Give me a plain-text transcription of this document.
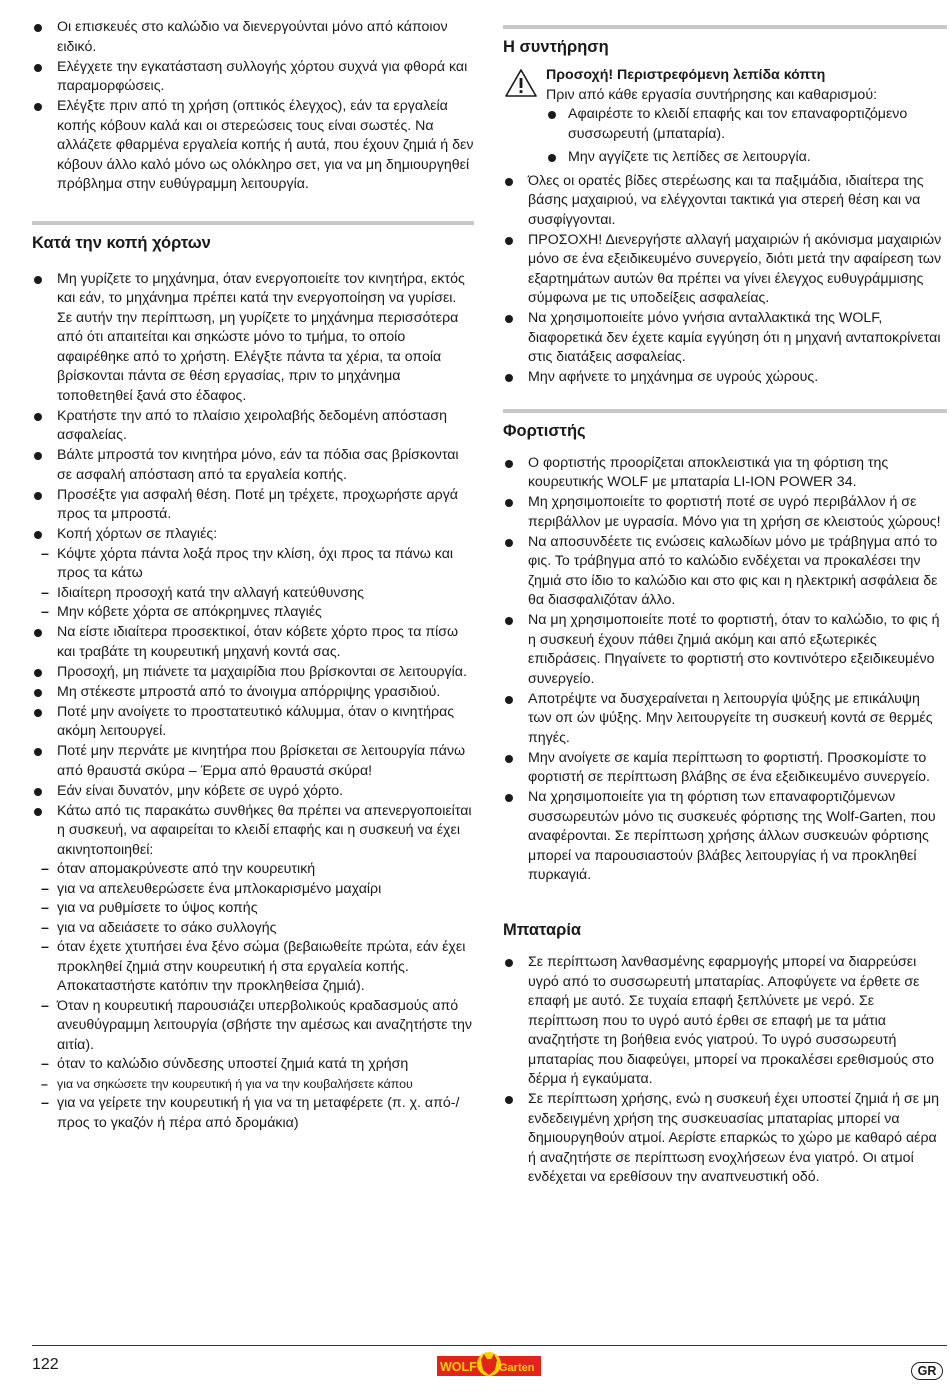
Οι επισκευές στο καλώδιο να διενεργούνται μόνο από κάποιον ειδικό.
Ελέγχετε την εγκατάσταση συλλογής χόρτου συχνά για φθορά και παραμορφώσεις.
Ελέγξτε πριν από τη χρήση (οπτικός έλεγχος), εάν τα εργαλεία κοπής κόβουν καλά και οι στερεώσεις τους είναι σωστές. Να αλλάζετε φθαρμένα εργαλεία κοπής ή αυτά, που έχουν ζημιά ή δεν κόβουν άλλο καλό μόνο ως ολόκληρο σετ, για να μη δημιουργηθεί πρόβλημα στην ευθύγραμμη λειτουργία.
Κατά την κοπή χόρτων
Μη γυρίζετε το μηχάνημα, όταν ενεργοποιείτε τον κινητήρα, εκτός και εάν, το μηχάνημα πρέπει κατά την ενεργοποίηση να γυρίσει. Σε αυτήν την περίπτωση, μη γυρίζετε το μηχάνημα περισσότερα από ότι απαιτείται και σηκώστε μόνο το τμήμα, το οποίο αφαιρέθηκε από το χρήστη. Ελέγξτε πάντα τα χέρια, τα οποία βρίσκονται πάντα σε θέση εργασίας, πριν το μηχάνημα τοποθετηθεί ξανά στο έδαφος.
Κρατήστε την από το πλαίσιο χειρολαβής δεδομένη απόσταση ασφαλείας.
Βάλτε μπροστά τον κινητήρα μόνο, εάν τα πόδια σας βρίσκονται σε ασφαλή απόσταση από τα εργαλεία κοπής.
Προσέξτε για ασφαλή θέση. Ποτέ μη τρέχετε, προχωρήστε αργά προς τα μπροστά.
Κοπή χόρτων σε πλαγιές:
– Κόψτε χόρτα πάντα λοξά προς την κλίση, όχι προς τα πάνω και προς τα κάτω
– Ιδιαίτερη προσοχή κατά την αλλαγή κατεύθυνσης
– Μην κόβετε χόρτα σε απόκρημνες πλαγιές
Να είστε ιδιαίτερα προσεκτικοί, όταν κόβετε χόρτο προς τα πίσω και τραβάτε τη κουρευτική μηχανή κοντά σας.
Προσοχή, μη πιάνετε τα μαχαιρίδια που βρίσκονται σε λειτουργία.
Μη στέκεστε μπροστά από το άνοιγμα απόρριψης γρασιδιού.
Ποτέ μην ανοίγετε το προστατευτικό κάλυμμα, όταν ο κινητήρας ακόμη λειτουργεί.
Ποτέ μην περνάτε με κινητήρα που βρίσκεται σε λειτουργία πάνω από θραυστά σκύρα – Έρμα από θραυστά σκύρα!
Εάν είναι δυνατόν, μην κόβετε σε υγρό χόρτο.
Κάτω από τις παρακάτω συνθήκες θα πρέπει να απενεργοποιείται η συσκευή, να αφαιρείται το κλειδί επαφής και η συσκευή να έχει ακινητοποιηθεί:
– όταν απομακρύνεστε από την κουρευτική
– για να απελευθερώσετε ένα μπλοκαρισμένο μαχαίρι
– για να ρυθμίσετε το ύψος κοπής
– για να αδειάσετε το σάκο συλλογής
– όταν έχετε χτυπήσει ένα ξένο σώμα (βεβαιωθείτε πρώτα, εάν έχει προκληθεί ζημιά στην κουρευτική ή στα εργαλεία κοπής. Αποκαταστήστε κατόπιν την προκληθείσα ζημιά).
– Όταν η κουρευτική παρουσιάζει υπερβολικούς κραδασμούς από ανευθύγραμμη λειτουργία (σβήστε την αμέσως και αναζητήστε την αιτία).
– όταν το καλώδιο σύνδεσης υποστεί ζημιά κατά τη χρήση
– για να σηκώσετε την κουρευτική ή για να την κουβαλήσετε κάπου
– για να γείρετε την κουρευτική ή για να τη μεταφέρετε (π. χ. από-/ προς το γκαζόν ή πέρα από δρομάκια)
Η συντήρηση
Προσοχή! Περιστρεφόμενη λεπίδα κόπτη
Πριν από κάθε εργασία συντήρησης και καθαρισμού:
Αφαιρέστε το κλειδί επαφής και τον επαναφορτιζόμενο συσσωρευτή (μπαταρία).
Μην αγγίζετε τις λεπίδες σε λειτουργία.
Όλες οι ορατές βίδες στερέωσης και τα παξιμάδια, ιδιαίτερα της βάσης μαχαιριού, να ελέγχονται τακτικά για στερεή θέση και να συσφίγγονται.
ΠΡΟΣΟΧΗ! Διενεργήστε αλλαγή μαχαιριών ή ακόνισμα μαχαιριών μόνο σε ένα εξειδικευμένο συνεργείο, διότι μετά την αφαίρεση των εξαρτημάτων αυτών θα πρέπει να γίνει έλεγχος ευθυγράμμισης σύμφωνα με τις υποδείξεις ασφαλείας.
Να χρησιμοποιείτε μόνο γνήσια ανταλλακτικά της WOLF, διαφορετικά δεν έχετε καμία εγγύηση ότι η μηχανή ανταποκρίνεται στις διατάξεις ασφαλείας.
Μην αφήνετε το μηχάνημα σε υγρούς χώρους.
Φορτιστής
Ο φορτιστής προορίζεται αποκλειστικά για τη φόρτιση της κουρευτικής WOLF με μπαταρία LI-ION POWER 34.
Μη χρησιμοποιείτε το φορτιστή ποτέ σε υγρό περιβάλλον ή σε περιβάλλον με υγρασία. Μόνο για τη χρήση σε κλειστούς χώρους!
Να αποσυνδέετε τις ενώσεις καλωδίων μόνο με τράβηγμα από το φις. Το τράβηγμα από το καλώδιο ενδέχεται να προκαλέσει την ζημιά στο ίδιο το καλώδιο και στο φις και η ηλεκτρική ασφάλεια δε θα διασφαλιζόταν άλλο.
Να μη χρησιμοποιείτε ποτέ το φορτιστή, όταν το καλώδιο, το φις ή η συσκευή έχουν πάθει ζημιά ακόμη και από εξωτερικές επιδράσεις. Πηγαίνετε το φορτιστή στο κοντινότερο εξειδικευμένο συνεργείο.
Αποτρέψτε να δυσχεραίνεται η λειτουργία ψύξης με επικάλυψη των οπ ών ψύξης. Μην λειτουργείτε τη συσκευή κοντά σε θερμές πηγές.
Μην ανοίγετε σε καμία περίπτωση το φορτιστή. Προσκομίστε το φορτιστή σε περίπτωση βλάβης σε ένα εξειδικευμένο συνεργείο.
Να χρησιμοποιείτε για τη φόρτιση των επαναφορτιζόμενων συσσωρευτών μόνο τις συσκευές φόρτισης της Wolf-Garten, που αναφέρονται. Σε περίπτωση χρήσης άλλων συσκευών φόρτισης μπορεί να παρουσιαστούν βλάβες λειτουργίας ή να προκληθεί πυρκαγιά.
Μπαταρία
Σε περίπτωση λανθασμένης εφαρμογής μπορεί να διαρρεύσει υγρό από το συσσωρευτή μπαταρίας. Αποφύγετε να έρθετε σε επαφή με αυτό. Σε τυχαία επαφή ξεπλύνετε με νερό. Σε περίπτωση που το υγρό αυτό έρθει σε επαφή με τα μάτια αναζητήστε τη βοήθεια ενός γιατρού. Το υγρό συσσωρευτή μπαταρίας που διαφεύγει, μπορεί να προκαλέσει ερεθισμούς στο δέρμα ή εγκαύματα.
Σε περίπτωση χρήσης, ενώ η συσκευή έχει υποστεί ζημιά ή σε μη ενδεδειγμένη χρήση της συσκευασίας μπαταρίας μπορεί να δημιουργηθούν ατμοί. Αερίστε επαρκώς το χώρο με καθαρό αέρα ή αναζητήστε σε περίπτωση ενοχλήσεων ένα γιατρό. Οι ατμοί ενδέχεται να ερεθίσουν την αναπνευστική οδό.
122	WOLF Garten	GR
